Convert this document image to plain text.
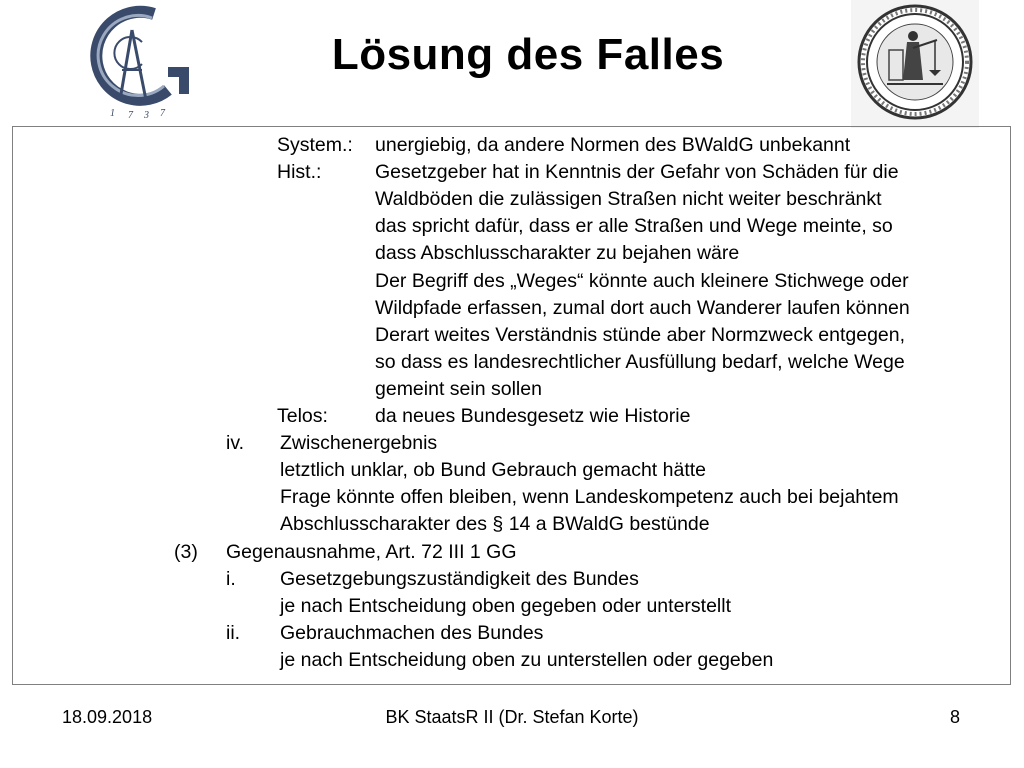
1 7 3 7
Lösung des Falles
System.: unergiebig, da andere Normen des BWaldG unbekannt
Hist.:	Gesetzgeber hat in Kenntnis der Gefahr von Schäden für die
Waldböden die zulässigen Straßen nicht weiter beschränkt
das spricht dafür, dass er alle Straßen und Wege meinte, so
dass Abschlusscharakter zu bejahen wäre
Der Begriff des „Weges“ könnte auch kleinere Stichwege oder
Wildpfade erfassen, zumal dort auch Wanderer laufen können
Derart weites Verständnis stünde aber Normzweck entgegen,
so dass es landesrechtlicher Ausfüllung bedarf, welche Wege
gemeint sein sollen
Telos: da neues Bundesgesetz wie Historie
iv. Zwischenergebnis
letztlich unklar, ob Bund Gebrauch gemacht hätte
Frage könnte offen bleiben, wenn Landeskompetenz auch bei bejahtem
Abschlusscharakter des § 14 a BWaldG bestünde
(3) Gegenausnahme, Art. 72 III 1 GG
i. Gesetzgebungszuständigkeit des Bundes
je nach Entscheidung oben gegeben oder unterstellt
ii. Gebrauchmachen des Bundes
je nach Entscheidung oben zu unterstellen oder gegeben
18.09.2018	BK StaatsR II (Dr. Stefan Korte)	8
